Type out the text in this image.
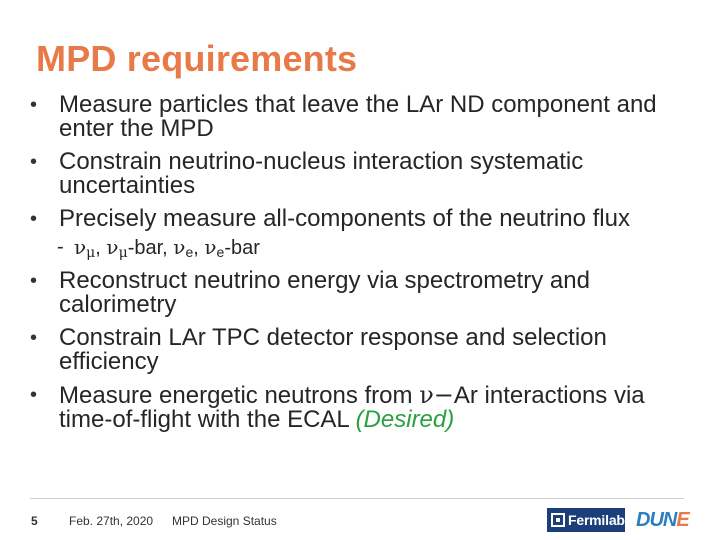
MPD requirements
• Measure particles that leave the LAr ND component and enter the MPD
• Constrain neutrino-nucleus interaction systematic uncertainties
• Precisely measure all-components of the neutrino flux
- $\nu_\mu$, $\nu_\mu$-bar, $\nu_e$, $\nu_e$-bar
• Reconstruct neutrino energy via spectrometry and calorimetry
• Constrain LAr TPC detector response and selection efficiency
• Measure energetic neutrons from ν−Ar interactions via time-of-flight with the ECAL (Desired)
5	Feb. 27th, 2020 MPD Design Status	Fermilab DUNE
